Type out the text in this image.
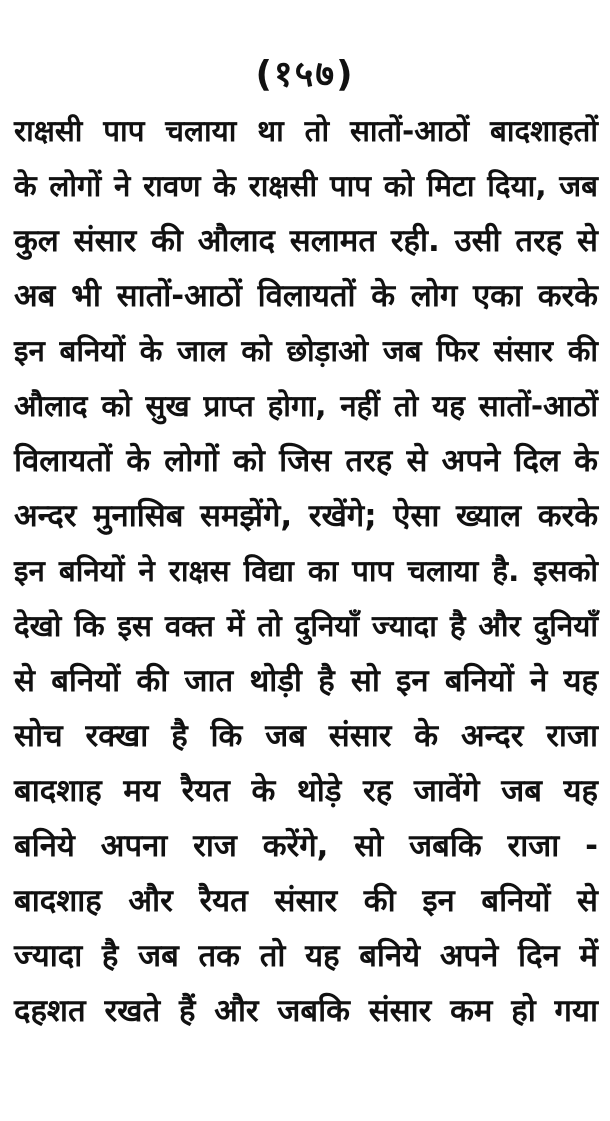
(१५७)
राक्षसी पाप चलाया था तो सातों-आठों बादशाहतों
के लोगों ने रावण के राक्षसी पाप को मिटा दिया, जब
कुल संसार की औलाद सलामत रही. उसी तरह से
अब भी सातों-आठों विलायतों के लोग एका करके
इन बनियों के जाल को छोड़ाओ जब फिर संसार की
औलाद को सुख प्राप्त होगा, नहीं तो यह सातों-आठों
विलायतों के लोगों को जिस तरह से अपने दिल के
अन्दर मुनासिब समझेंगे, रखेंगे; ऐसा ख्याल करके
इन बनियों ने राक्षस विद्या का पाप चलाया है. इसको
देखो कि इस वक्त में तो दुनियाँ ज्यादा है और दुनियाँ
से बनियों की जात थोड़ी है सो इन बनियों ने यह
सोच रक्खा है कि जब संसार के अन्दर राजा
बादशाह मय रैयत के थोड़े रह जावेंगे जब यह
बनिये अपना राज करेंगे, सो जबकि राजा -
बादशाह और रैयत संसार की इन बनियों से
ज्यादा है जब तक तो यह बनिये अपने दिन में
दहशत रखते हैं और जबकि संसार कम हो गया
